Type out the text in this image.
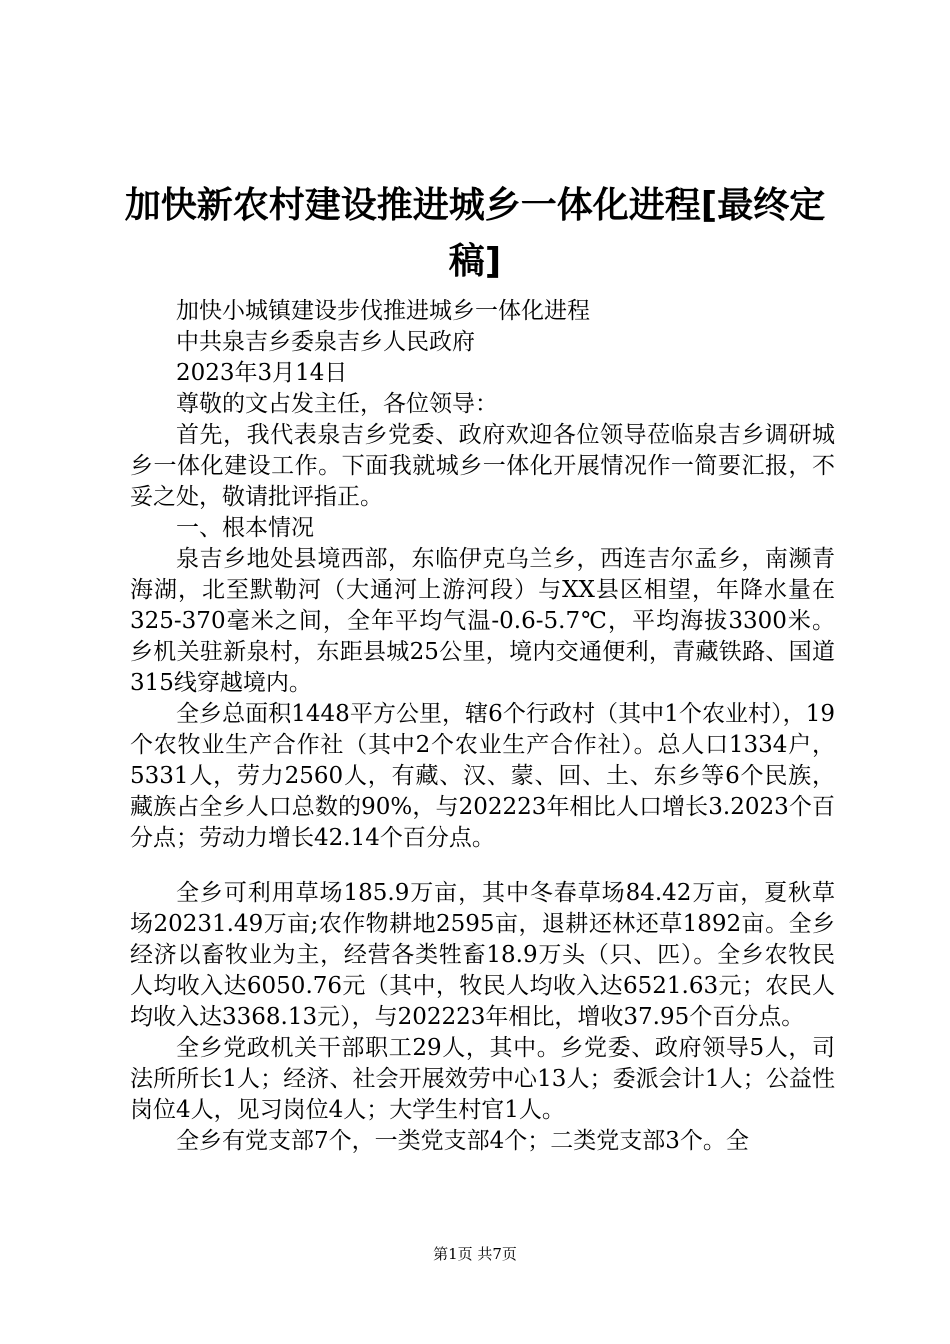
加快新农村建设推进城乡一体化进程[最终定
稿]

加快小城镇建设步伐推进城乡一体化进程

中共泉吉乡委泉吉乡人民政府

2023年3月14日

尊敬的文占发主任，各位领导：

首先，我代表泉吉乡党委、政府欢迎各位领导莅临泉吉乡调研城乡一体化建设工作。下面我就城乡一体化开展情况作一简要汇报，不妥之处，敬请批评指正。

一、根本情况

泉吉乡地处县境西部，东临伊克乌兰乡，西连吉尔孟乡，南濒青海湖，北至默勒河（大通河上游河段）与XX县区相望，年降水量在325-370毫米之间，全年平均气温-0.6-5.7℃，平均海拔3300米。乡机关驻新泉村，东距县城25公里，境内交通便利，青藏铁路、国道315线穿越境内。

全乡总面积1448平方公里，辖6个行政村（其中1个农业村），19个农牧业生产合作社（其中2个农业生产合作社）。总人口1334户，5331人，劳力2560人，有藏、汉、蒙、回、土、东乡等6个民族，藏族占全乡人口总数的90%，与202223年相比人口增长3.2023个百分点；劳动力增长42.14个百分点。

全乡可利用草场185.9万亩，其中冬春草场84.42万亩，夏秋草场20231.49万亩;农作物耕地2595亩，退耕还林还草1892亩。全乡经济以畜牧业为主，经营各类牲畜18.9万头（只、匹）。全乡农牧民人均收入达6050.76元（其中，牧民人均收入达6521.63元；农民人均收入达3368.13元），与202223年相比，增收37.95个百分点。

全乡党政机关干部职工29人，其中。乡党委、政府领导5人，司法所所长1人；经济、社会开展效劳中心13人；委派会计1人；公益性岗位4人，见习岗位4人；大学生村官1人。

全乡有党支部7个，一类党支部4个；二类党支部3个。全

第1页 共7页
